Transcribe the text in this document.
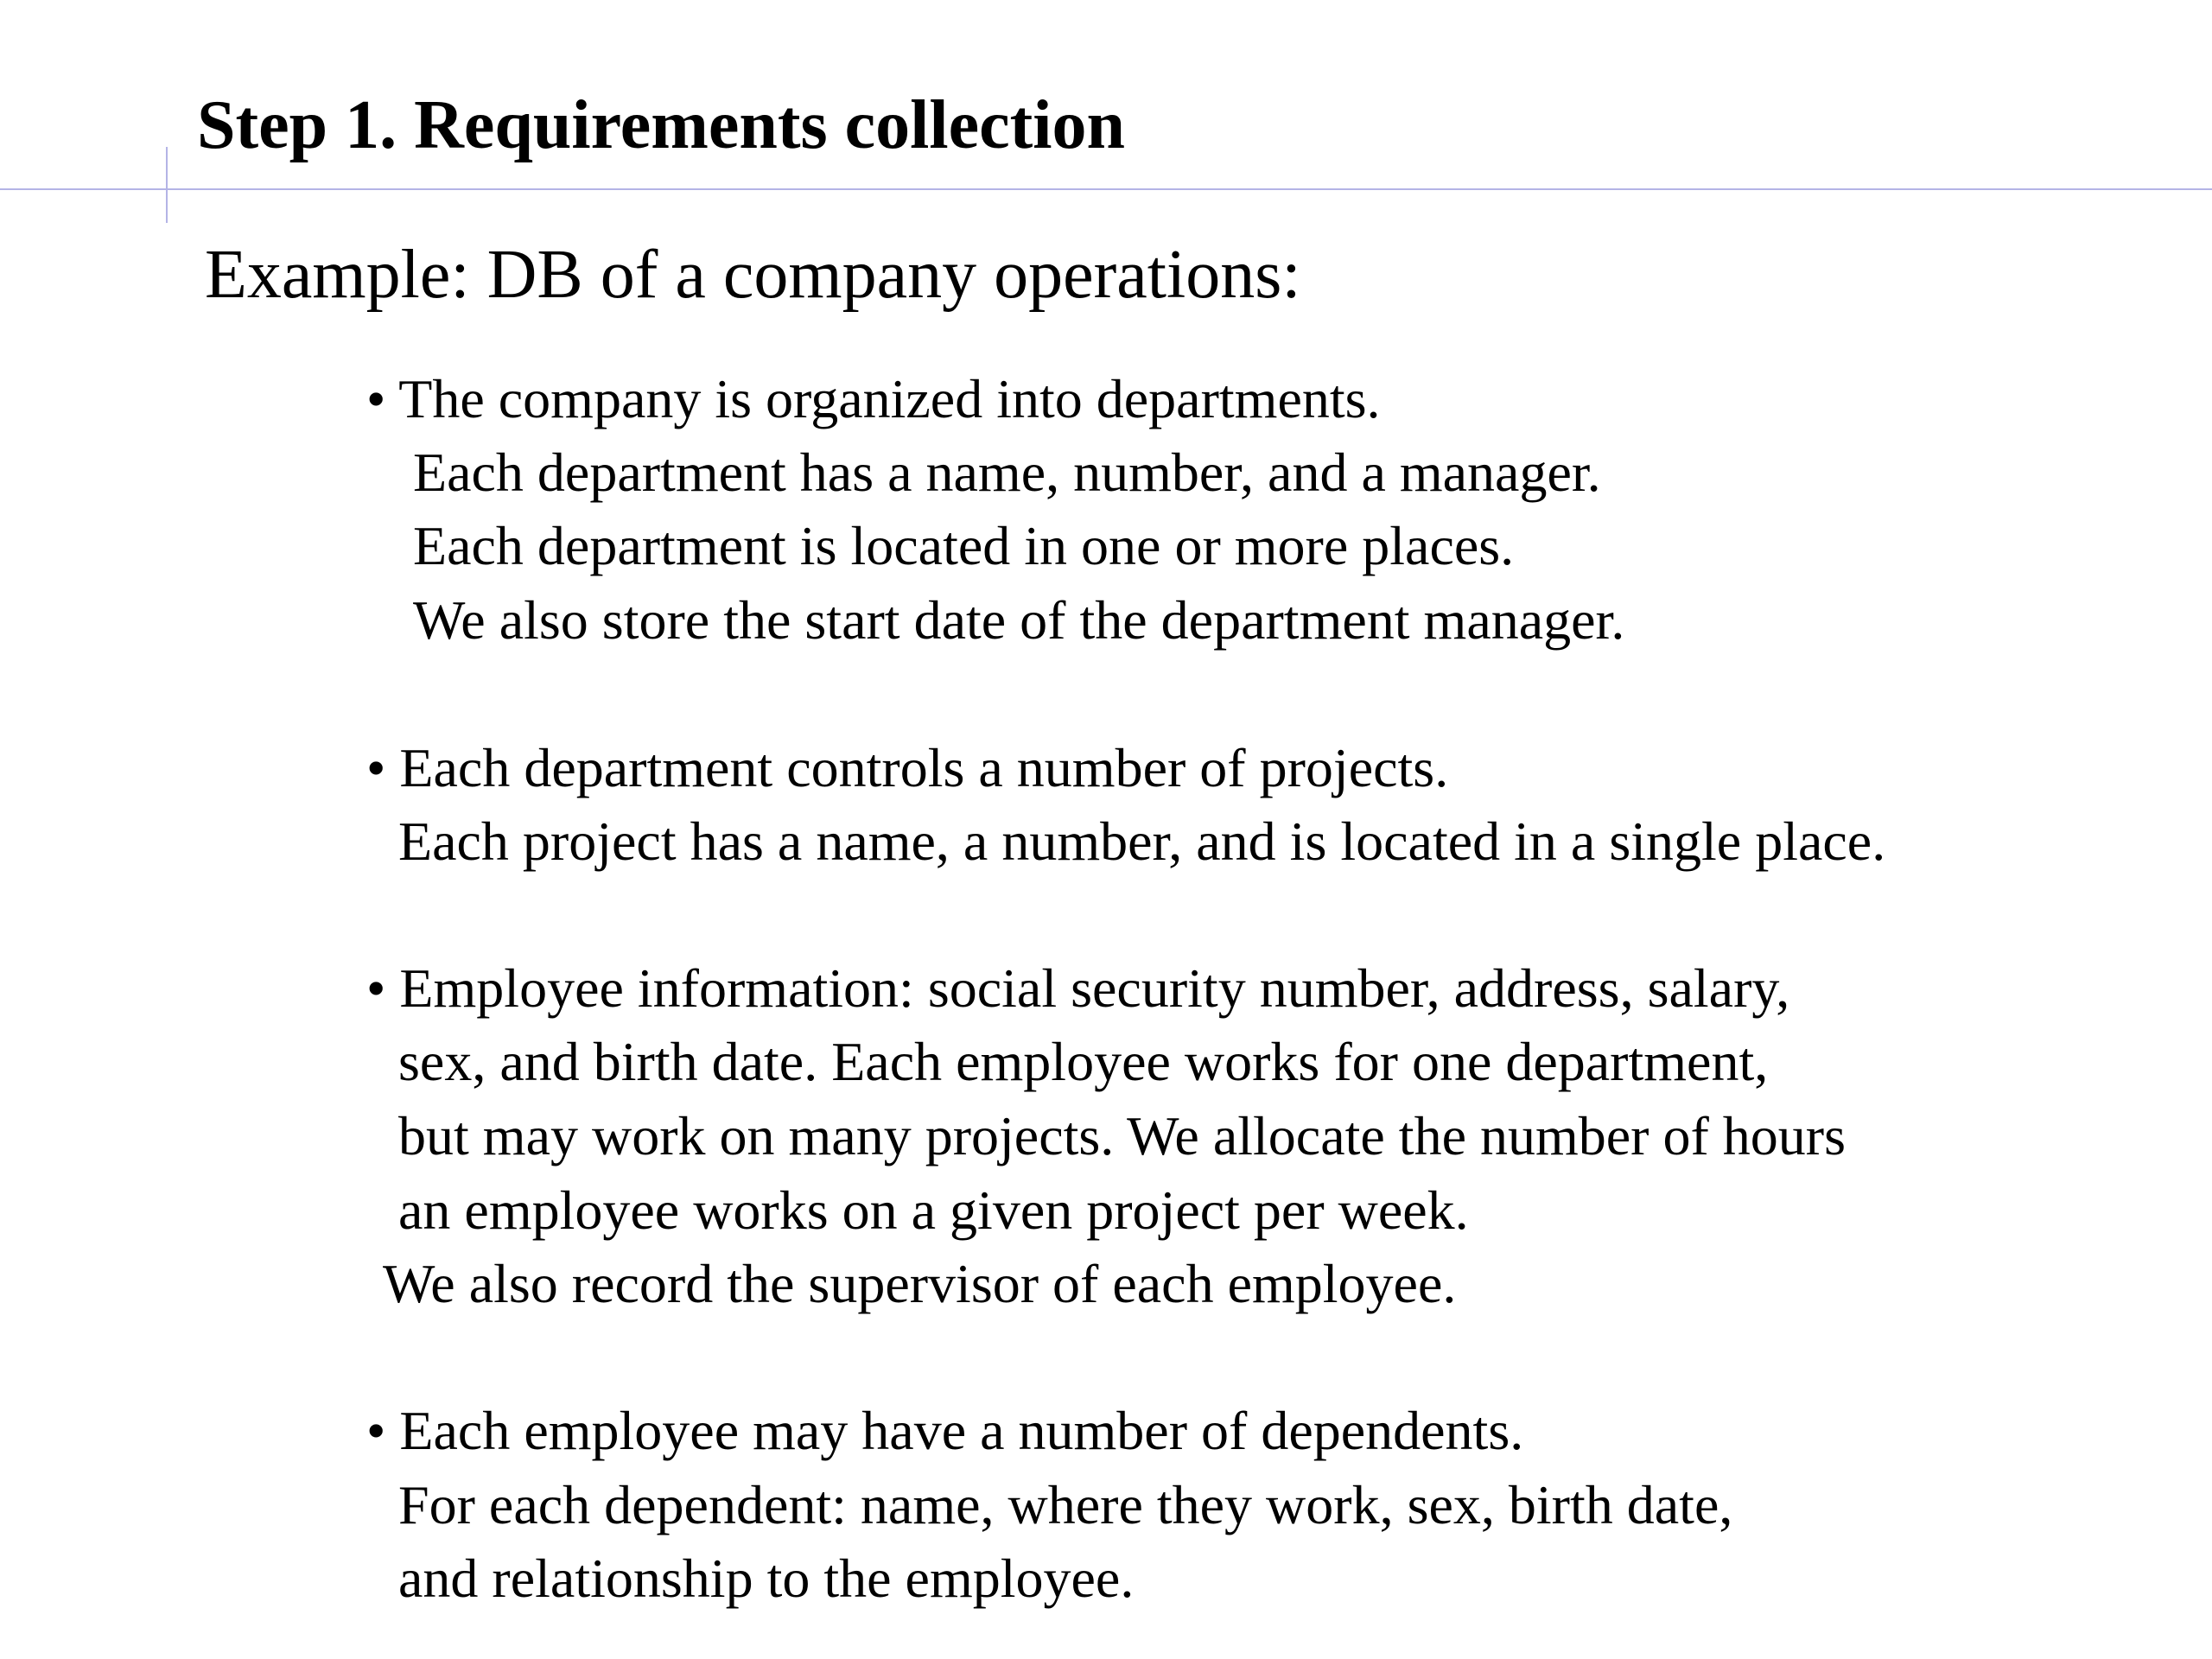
Step 1. Requirements collection
Example: DB of a company operations:
• The company is organized into departments.
Each department has a name, number, and a manager.
Each department is located in one or more places.
We also store the start date of the department manager.
• Each department controls a number of projects.
Each project has a name, a number, and is located in a single place.
• Employee information: social security number, address, salary,
sex, and birth date. Each employee works for one department,
but may work on many projects. We allocate the number of hours
an employee works on a given project per week.
We also record the supervisor of each employee.
• Each employee may have a number of dependents.
For each dependent: name, where they work, sex, birth date,
and relationship to the employee.
